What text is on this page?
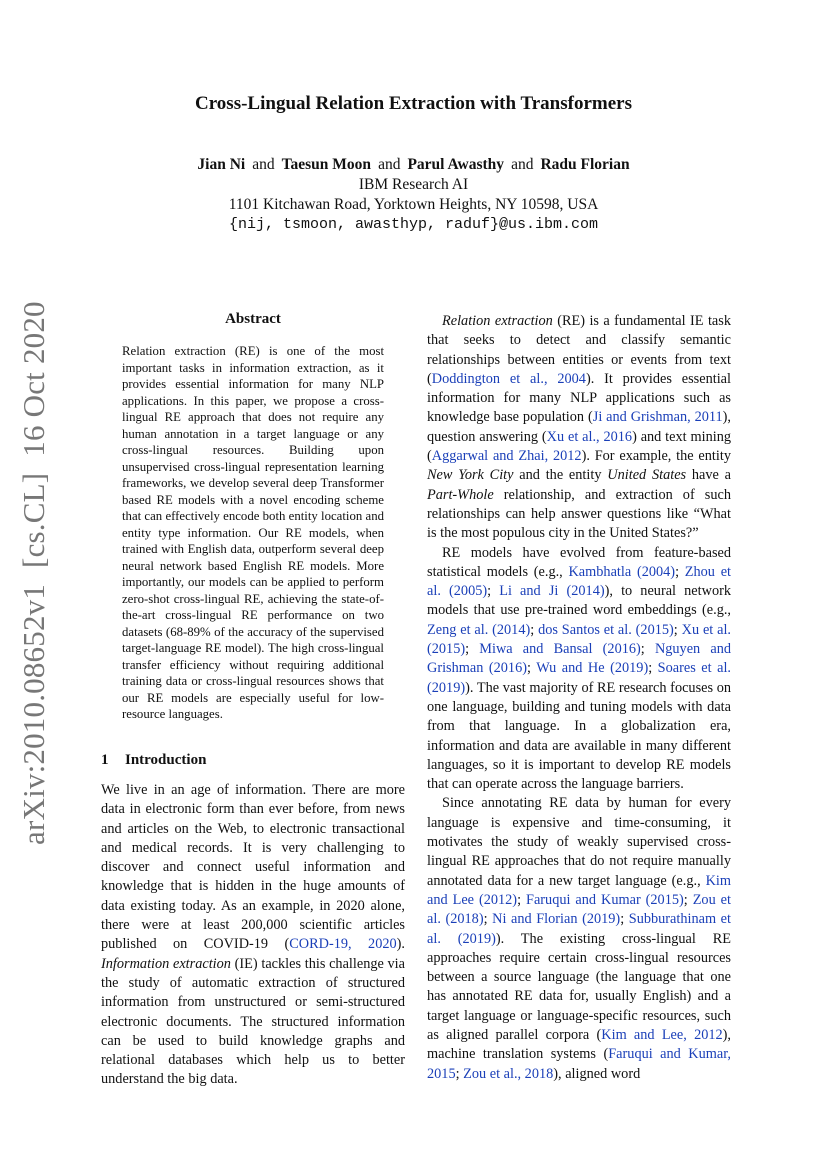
Cross-Lingual Relation Extraction with Transformers
Jian Ni and Taesun Moon and Parul Awasthy and Radu Florian
IBM Research AI
1101 Kitchawan Road, Yorktown Heights, NY 10598, USA
{nij, tsmoon, awasthyp, raduf}@us.ibm.com
arXiv:2010.08652v1[cs.CL]16 Oct 2020	Abstract
Relation extraction (RE) is one of the most important tasks in information extraction, as it provides essential information for many NLP applications. In this paper, we propose a cross-lingual RE approach that does not require any human annotation in a target language or any cross-lingual resources. Building upon unsupervised cross-lingual representation learning frameworks, we develop several deep Transformer based RE models with a novel encoding scheme that can effectively encode both entity location and entity type information. Our RE models, when trained with English data, outperform several deep neural network based English RE models. More importantly, our models can be applied to perform zero-shot cross-lingual RE, achieving the state-of-the-art cross-lingual RE performance on two datasets (68-89% of the accuracy of the supervised target-language RE model). The high cross-lingual transfer efficiency without requiring additional training data or cross-lingual resources shows that our RE models are especially useful for low-resource languages.
1 Introduction

We live in an age of information. There are more data in electronic form than ever before, from news and articles on the Web, to electronic transactional and medical records. It is very challenging to discover and connect useful information and knowledge that is hidden in the huge amounts of data existing today. As an example, in 2020 alone, there were at least 200,000 scientific articles published on COVID-19 (CORD-19, 2020). Information extraction (IE) tackles this challenge via the study of automatic extraction of structured information from unstructured or semi-structured electronic documents. The structured information can be used to build knowledge graphs and relational databases which help us to better understand the big data.

Relation extraction (RE) is a fundamental IE task that seeks to detect and classify semantic relationships between entities or events from text (Doddington et al., 2004). It provides essential information for many NLP applications such as knowledge base population (Ji and Grishman, 2011), question answering (Xu et al., 2016) and text mining (Aggarwal and Zhai, 2012). For example, the entity New York City and the entity United States have a Part-Whole relationship, and extraction of such relationships can help answer questions like “What is the most populous city in the United States?”

RE models have evolved from feature-based statistical models (e.g., Kambhatla (2004); Zhou et al. (2005); Li and Ji (2014)), to neural network models that use pre-trained word embeddings (e.g., Zeng et al. (2014); dos Santos et al. (2015); Xu et al. (2015); Miwa and Bansal (2016); Nguyen and Grishman (2016); Wu and He (2019); Soares et al. (2019)). The vast majority of RE research focuses on one language, building and tuning models with data from that language. In a globalization era, information and data are available in many different languages, so it is important to develop RE models that can operate across the language barriers.

Since annotating RE data by human for every language is expensive and time-consuming, it motivates the study of weakly supervised cross-lingual RE approaches that do not require manually annotated data for a new target language (e.g., Kim and Lee (2012); Faruqui and Kumar (2015); Zou et al. (2018); Ni and Florian (2019); Subburathinam et al. (2019)). The existing cross-lingual RE approaches require certain cross-lingual resources between a source language (the language that one has annotated RE data for, usually English) and a target language or language-specific resources, such as aligned parallel corpora (Kim and Lee, 2012), machine translation systems (Faruqui and Kumar, 2015; Zou et al., 2018), aligned word
